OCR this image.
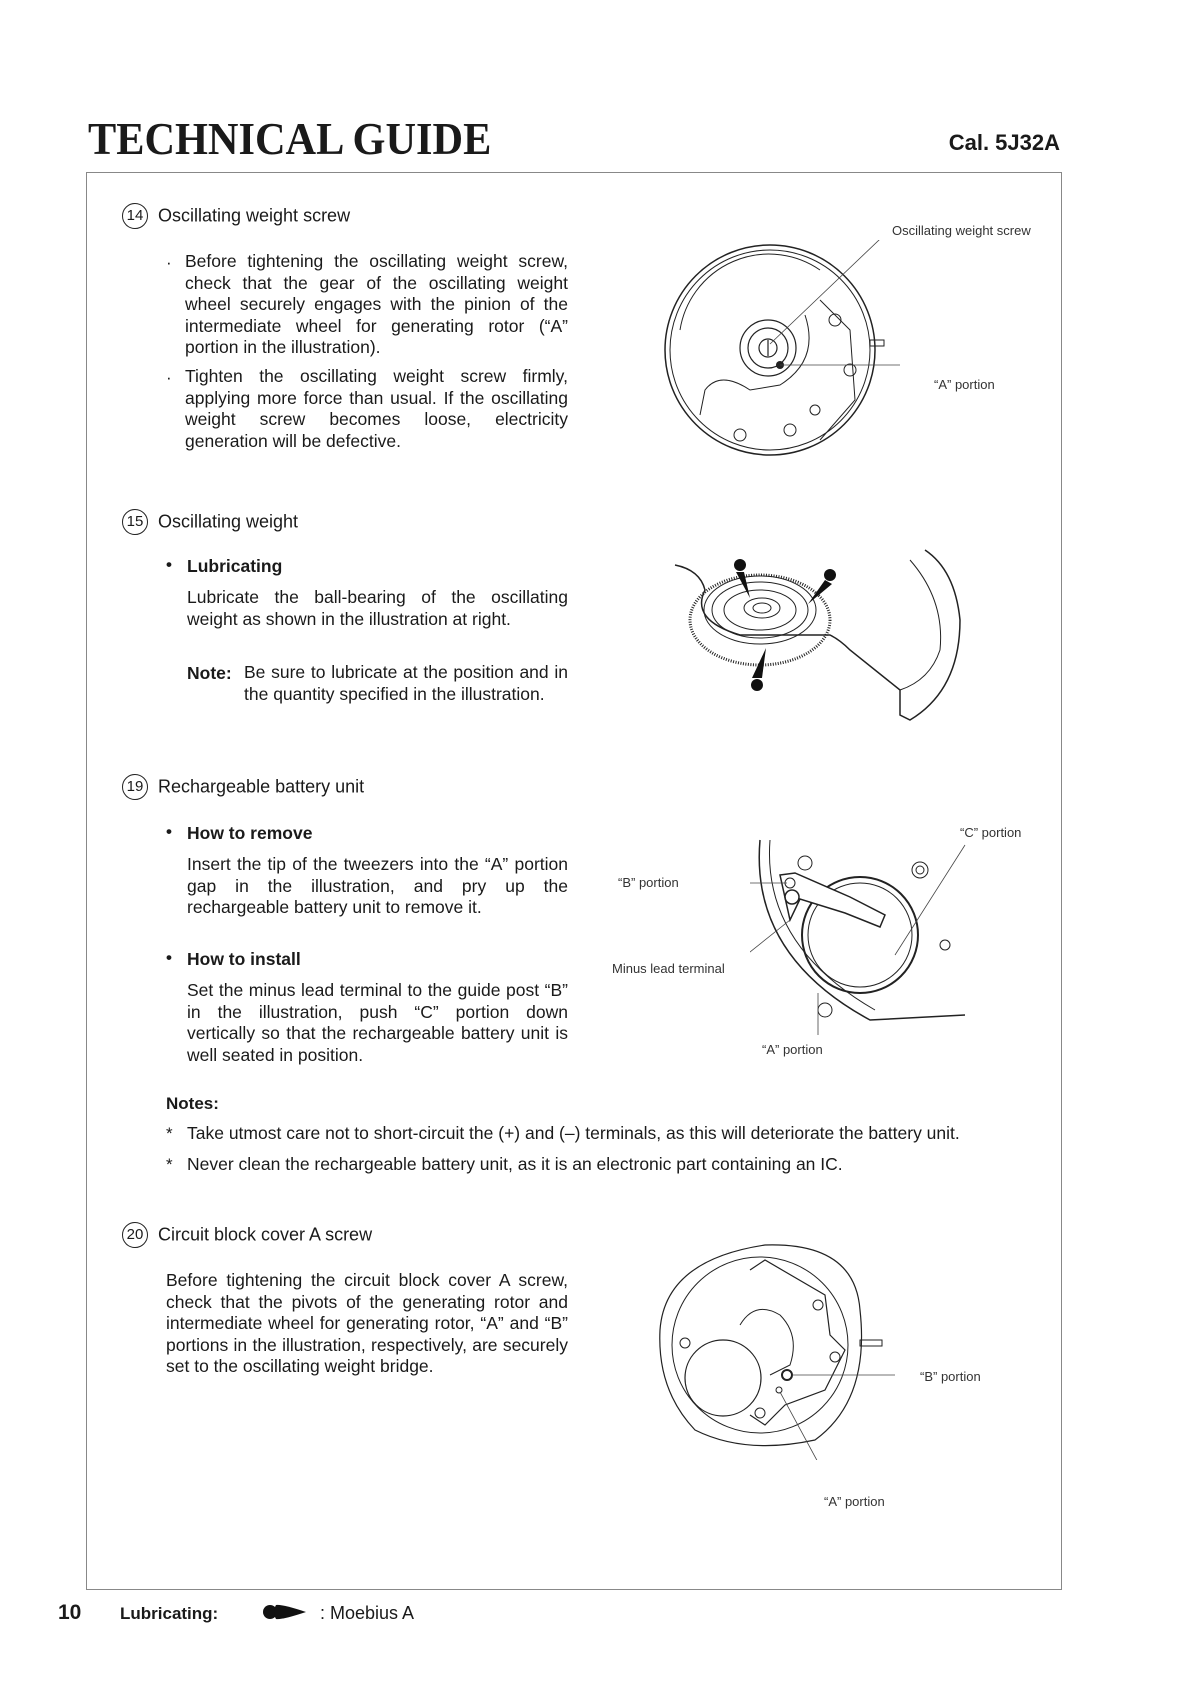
TECHNICAL GUIDE	Cal. 5J32A
14 Oscillating weight screw
· Before tightening the oscillating weight screw, check that the gear of the oscillating weight wheel securely engages with the pinion of the intermediate wheel for generating rotor (“A” portion in the illustration).
· Tighten the oscillating weight screw firmly, applying more force than usual. If the oscillating weight screw becomes loose, electricity generation will be defective.
Oscillating weight screw
“A” portion
15 Oscillating weight
• Lubricating
Lubricate the ball-bearing of the oscillating weight as shown in the illustration at right.
Note: Be sure to lubricate at the position and in the quantity specified in the illustration.
19 Rechargeable battery unit
• How to remove
Insert the tip of the tweezers into the “A” portion gap in the illustration, and pry up the rechargeable battery unit to remove it.
• How to install
Set the minus lead terminal to the guide post “B” in the illustration, push “C” portion down vertically so that the rechargeable battery unit is well seated in position.
“C” portion
“B” portion
Minus lead terminal
“A” portion
Notes:
* Take utmost care not to short-circuit the (+) and (–) terminals, as this will deteriorate the battery unit.
* Never clean the rechargeable battery unit, as it is an electronic part containing an IC.
20 Circuit block cover A screw
Before tightening the circuit block cover A screw, check that the pivots of the generating rotor and intermediate wheel for generating rotor, “A” and “B” portions in the illustration, respectively, are securely set to the oscillating weight bridge.
“B” portion
“A” portion
10 Lubricating:	: Moebius A
